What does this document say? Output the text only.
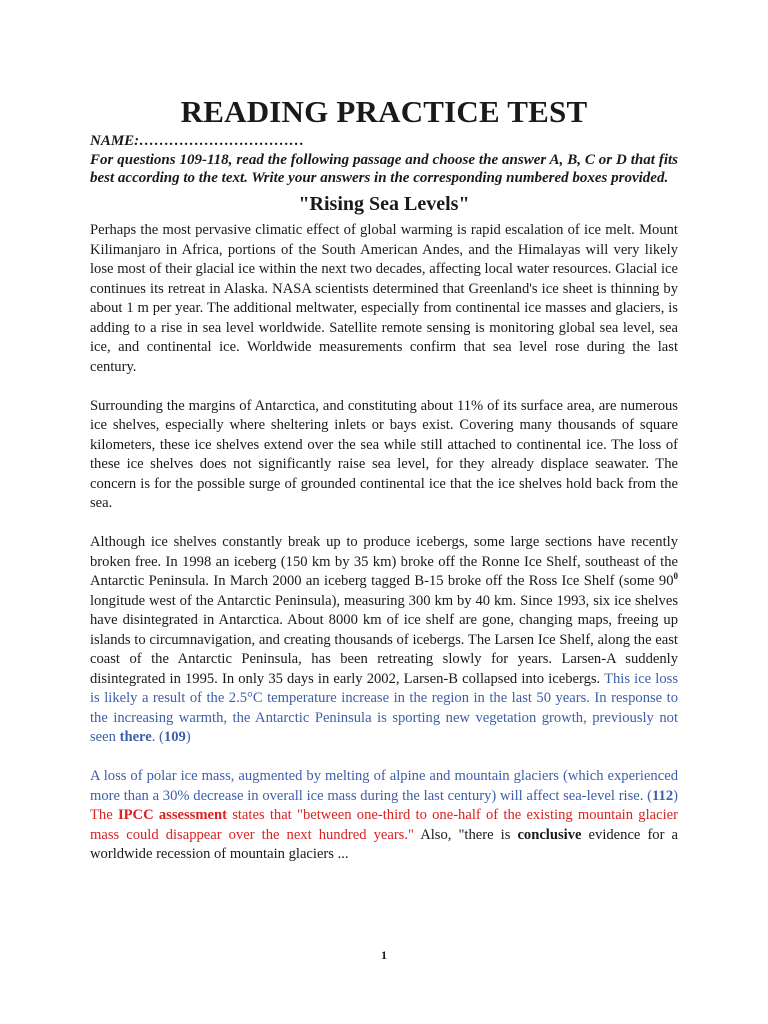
READING PRACTICE TEST
NAME:……………………………
For questions 109-118, read the following passage and choose the answer A, B, C or D that fits best according to the text. Write your answers in the corresponding numbered boxes provided.
"Rising Sea Levels"

Perhaps the most pervasive climatic effect of global warming is rapid escalation of ice melt. Mount Kilimanjaro in Africa, portions of the South American Andes, and the Himalayas will very likely lose most of their glacial ice within the next two decades, affecting local water resources. Glacial ice continues its retreat in Alaska. NASA scientists determined that Greenland's ice sheet is thinning by about 1 m per year. The additional meltwater, especially from continental ice masses and glaciers, is adding to a rise in sea level worldwide. Satellite remote sensing is monitoring global sea level, sea ice, and continental ice. Worldwide measurements confirm that sea level rose during the last century.

Surrounding the margins of Antarctica, and constituting about 11% of its surface area, are numerous ice shelves, especially where sheltering inlets or bays exist. Covering many thousands of square kilometers, these ice shelves extend over the sea while still attached to continental ice. The loss of these ice shelves does not significantly raise sea level, for they already displace seawater. The concern is for the possible surge of grounded continental ice that the ice shelves hold back from the sea.

Although ice shelves constantly break up to produce icebergs, some large sections have recently broken free. In 1998 an iceberg (150 km by 35 km) broke off the Ronne Ice Shelf, southeast of the Antarctic Peninsula. In March 2000 an iceberg tagged B-15 broke off the Ross Ice Shelf (some $90^0$ longitude west of the Antarctic Peninsula), measuring 300 km by 40 km. Since 1993, six ice shelves have disintegrated in Antarctica. About 8000 km of ice shelf are gone, changing maps, freeing up islands to circumnavigation, and creating thousands of icebergs. The Larsen Ice Shelf, along the east coast of the Antarctic Peninsula, has been retreating slowly for years. Larsen-A suddenly disintegrated in 1995. In only 35 days in early 2002, Larsen-B collapsed into icebergs. This ice loss is likely a result of the 2.5°C temperature increase in the region in the last 50 years. In response to the increasing warmth, the Antarctic Peninsula is sporting new vegetation growth, previously not seen there. (109)

A loss of polar ice mass, augmented by melting of alpine and mountain glaciers (which experienced more than a 30% decrease in overall ice mass during the last century) will affect sea-level rise. (112) The IPCC assessment states that "between one-third to one-half of the existing mountain glacier mass could disappear over the next hundred years." Also, "there is conclusive evidence for a worldwide recession of mountain glaciers ...

1
